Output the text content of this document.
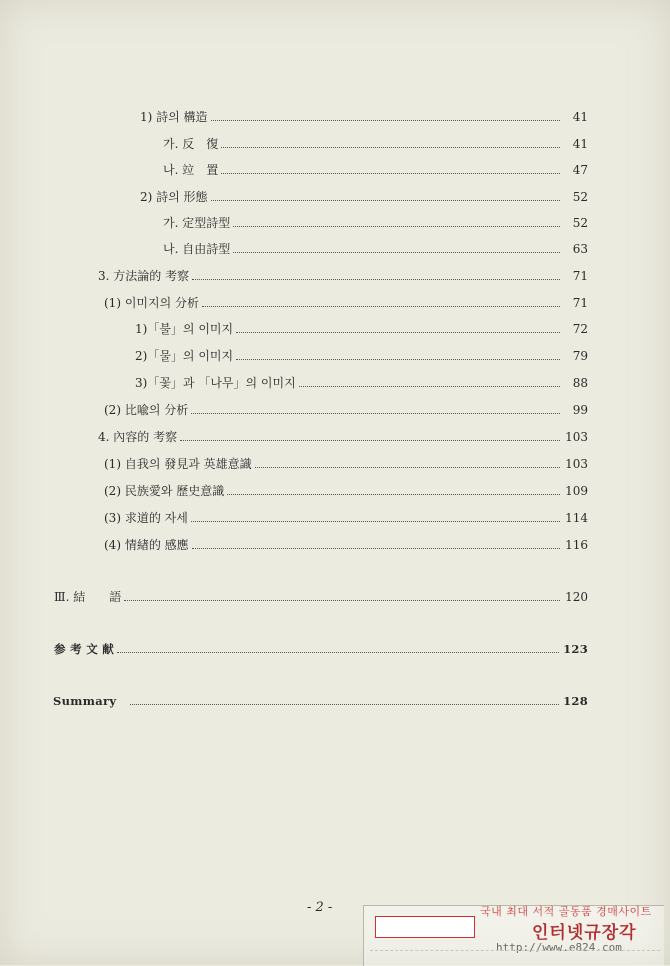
1) 詩의 構造	41
가. 反　復	41
나. 竝　置	47
2) 詩의 形態	52
가. 定型詩型	52
나. 自由詩型	63
3. 方法論的 考察	71
(1) 이미지의 分析	71
1)「불」의 이미지	72
2)「물」의 이미지	79
3)「꽃」과 「나무」의 이미지	88
(2) 比喩의 分析	99
4. 內容的 考察	103
(1) 自我의 發見과 英雄意識	103
(2) 民族愛와 歷史意識	109
(3) 求道的 자세	114
(4) 情緖的 感應	116
Ⅲ. 結　　語	120
参 考 文 献	123
Summary	128
- 2 -	국내 최대 서적 골동품 경매사이트
인터넷규장각
http://www.e824.com
